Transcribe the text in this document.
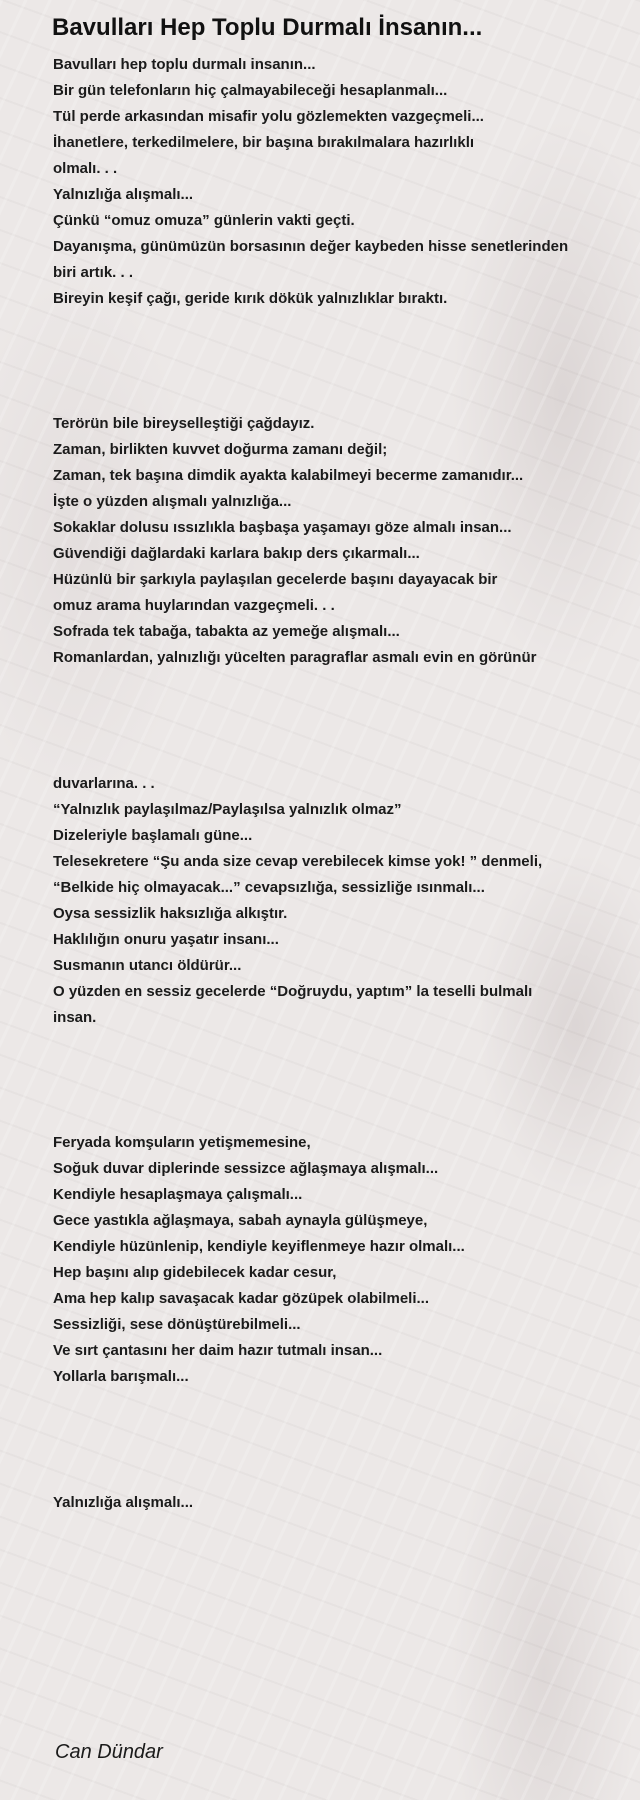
Bavulları Hep Toplu Durmalı İnsanın...
Bavulları hep toplu durmalı insanın...
Bir gün telefonların hiç çalmayabileceği hesaplanmalı...
Tül perde arkasından misafir yolu gözlemekten vazgeçmeli...
İhanetlere, terkedilmelere, bir başına bırakılmalara hazırlıklı
olmalı. . .
Yalnızlığa alışmalı...
Çünkü “omuz omuza” günlerin vakti geçti.
Dayanışma, günümüzün borsasının değer kaybeden hisse senetlerinden
biri artık. . .
Bireyin keşif çağı, geride kırık dökük yalnızlıklar bıraktı.
Terörün bile bireyselleştiği çağdayız.
Zaman, birlikten kuvvet doğurma zamanı değil;
Zaman, tek başına dimdik ayakta kalabilmeyi becerme zamanıdır...
İşte o yüzden alışmalı yalnızlığa...
Sokaklar dolusu ıssızlıkla başbaşa yaşamayı göze almalı insan...
Güvendiği dağlardaki karlara bakıp ders çıkarmalı...
Hüzünlü bir şarkıyla paylaşılan gecelerde başını dayayacak bir
omuz arama huylarından vazgeçmeli. . .
Sofrada tek tabağa, tabakta az yemeğe alışmalı...
Romanlardan, yalnızlığı yücelten paragraflar asmalı evin en görünür
duvarlarına. . .
“Yalnızlık paylaşılmaz/Paylaşılsa yalnızlık olmaz”
Dizeleriyle başlamalı güne...
Telesekretere “Şu anda size cevap verebilecek kimse yok! ” denmeli,
“Belkide hiç olmayacak...” cevapsızlığa, sessizliğe ısınmalı...
Oysa sessizlik haksızlığa alkıştır.
Haklılığın onuru yaşatır insanı...
Susmanın utancı öldürür...
O yüzden en sessiz gecelerde “Doğruydu, yaptım” la teselli bulmalı
insan.
Feryada komşuların yetişmemesine,
Soğuk duvar diplerinde sessizce ağlaşmaya alışmalı...
Kendiyle hesaplaşmaya çalışmalı...
Gece yastıkla ağlaşmaya, sabah aynayla gülüşmeye,
Kendiyle hüzünlenip, kendiyle keyiflenmeye hazır olmalı...
Hep başını alıp gidebilecek kadar cesur,
Ama hep kalıp savaşacak kadar gözüpek olabilmeli...
Sessizliği, sese dönüştürebilmeli...
Ve sırt çantasını her daim hazır tutmalı insan...
Yollarla barışmalı...
Yalnızlığa alışmalı...
Can Dündar
